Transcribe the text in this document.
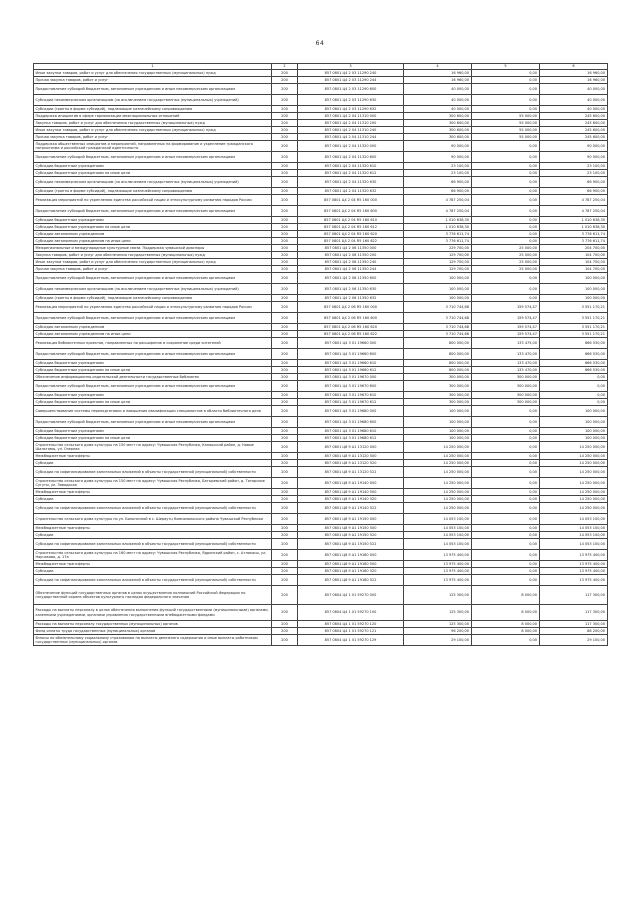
64
1	2	3	4	5	6
Иные закупки товаров, работ и услуг для обеспечения государственных (муниципальных) нужд	200	857 0801 Ц4 2 03 11290 240	16 960,00	0,00	16 960,00
Прочая закупка товаров, работ и услуг	200	857 0801 Ц4 2 03 11290 244	16 960,00	0,00	16 960,00
Предоставление субсидий бюджетным, автономным учреждениям и иным некоммерческим организациям	200	857 0801 Ц4 2 03 11290 600	40 000,00	0,00	40 000,00
Субсидии некоммерческим организациям (за исключением государственных (муниципальных) учреждений)	200	857 0801 Ц4 2 03 11290 630	40 000,00	0,00	40 000,00
Субсидии (гранты в форме субсидий), подлежащие казначейскому сопровождению	200	857 0801 Ц4 2 03 11290 632	40 000,00	0,00	40 000,00
Поддержка инициатив в сфере гармонизации межнациональных отношений	200	857 0801 Ц4 2 04 11310 000	300 600,00	55 000,00	245 600,00
Закупка товаров, работ и услуг для обеспечения государственных (муниципальных) нужд	200	857 0801 Ц4 2 04 11310 200	300 600,00	55 000,00	245 600,00
Иные закупки товаров, работ и услуг для обеспечения государственных (муниципальных) нужд	200	857 0801 Ц4 2 04 11310 240	300 600,00	55 000,00	245 600,00
Прочая закупка товаров, работ и услуг	200	857 0801 Ц4 2 04 11310 244	300 600,00	55 000,00	245 600,00
Поддержка общественных инициатив и мероприятий, направленных на формирование и укрепление гражданского патриотизма и российской гражданской идентичности	200	857 0801 Ц4 2 04 11320 000	90 000,00	0,00	90 000,00
Предоставление субсидий бюджетным, автономным учреждениям и иным некоммерческим организациям	200	857 0801 Ц4 2 04 11320 600	90 000,00	0,00	90 000,00
Субсидии бюджетным учреждениям	200	857 0801 Ц4 2 04 11320 610	23 100,00	0,00	23 100,00
Субсидии бюджетным учреждениям на иные цели	200	857 0801 Ц4 2 04 11320 612	23 100,00	0,00	23 100,00
Субсидии некоммерческим организациям (за исключением государственных (муниципальных) учреждений)	200	857 0801 Ц4 2 04 11320 630	66 900,00	0,00	66 900,00
Субсидии (гранты в форме субсидий), подлежащие казначейскому сопровождению	200	857 0801 Ц4 2 04 11320 632	66 900,00	0,00	66 900,00
Реализация мероприятий по укреплению единства российской нации и этнокультурному развитию народов России	200	857 0801 Ц4 2 04 R5 160 000	4 787 250,04	0,00	4 787 250,04
Предоставление субсидий бюджетным, автономным учреждениям и иным некоммерческим организациям	200	857 0801 Ц4 2 04 R5 160 600	4 787 250,04	0,00	4 787 250,04
Субсидии бюджетным учреждениям	200	857 0801 Ц4 2 04 R5 160 610	1 010 638,30	0,00	1 010 638,30
Субсидии бюджетным учреждениям на иные цели	200	857 0801 Ц4 2 04 R5 160 612	1 010 638,30	0,00	1 010 638,30
Субсидии автономным учреждениям	200	857 0801 Ц4 2 04 R5 160 620	3 776 611,74	0,00	3 776 611,74
Субсидии автономным учреждениям на иные цели	200	857 0801 Ц4 2 04 R5 160 622	3 776 611,74	0,00	3 776 611,74
Межрегиональные и международные культурные связи. Поддержка чувашской диаспоры	200	857 0801 Ц4 2 06 11350 000	229 700,00	25 000,00	204 700,00
Закупка товаров, работ и услуг для обеспечения государственных (муниципальных) нужд	200	857 0801 Ц4 2 06 11350 200	129 700,00	25 000,00	104 700,00
Иные закупки товаров, работ и услуг для обеспечения государственных (муниципальных) нужд	200	857 0801 Ц4 2 06 11350 240	129 700,00	25 000,00	104 700,00
Прочая закупка товаров, работ и услуг	200	857 0801 Ц4 2 06 11350 244	129 700,00	25 000,00	104 700,00
Предоставление субсидий бюджетным, автономным учреждениям и иным некоммерческим организациям	200	857 0801 Ц4 2 06 11350 600	100 000,00	0,00	100 000,00
Субсидии некоммерческим организациям (за исключением государственных (муниципальных) учреждений)	200	857 0801 Ц4 2 06 11350 630	100 000,00	0,00	100 000,00
Субсидии (гранты в форме субсидий), подлежащие казначейскому сопровождению	200	857 0801 Ц4 2 06 11350 632	100 000,00	0,00	100 000,00
Реализация мероприятий по укреплению единства российской нации и этнокультурному развитию народов России	200	857 0801 Ц4 2 06 R5 160 000	3 710 744,68	159 574,47	3 551 170,21
Предоставление субсидий бюджетным, автономным учреждениям и иным некоммерческим организациям	200	857 0801 Ц4 2 06 R5 160 600	3 710 744,68	159 574,47	3 551 170,21
Субсидии автономным учреждениям	200	857 0801 Ц4 2 06 R5 160 620	3 710 744,68	159 574,47	3 551 170,21
Субсидии автономным учреждениям на иные цели	200	857 0801 Ц4 2 06 R5 160 622	3 710 744,68	159 574,47	3 551 170,21
Реализация библиотечных проектов, направленных на расширение и сохранение среди читателей	200	857 0801 Ц4 3 01 19660 000	800 000,00	133 475,00	666 530,00
Предоставление субсидий бюджетным, автономным учреждениям и иным некоммерческим организациям	200	857 0801 Ц4 3 01 19660 600	800 000,00	133 470,00	666 530,00
Субсидии бюджетным учреждениям	200	857 0801 Ц4 3 01 19660 610	800 000,00	133 470,00	666 530,00
Субсидии бюджетным учреждениям на иные цели	200	857 0801 Ц4 3 01 19660 612	800 000,00	133 470,00	666 530,00
Обеспечение информационно-издательской деятельности государственных библиотек	200	857 0801 Ц4 3 01 19670 000	300 000,00	300 000,00	0,00
Предоставление субсидий бюджетным, автономным учреждениям и иным некоммерческим организациям	200	857 0801 Ц4 3 01 19670 600	300 000,00	300 000,00	0,00
Субсидии бюджетным учреждениям	200	857 0801 Ц4 3 01 19670 610	300 000,00	300 000,00	0,00
Субсидии бюджетным учреждениям на иные цели	200	857 0801 Ц4 3 01 19670 612	300 000,00	300 000,00	0,00
Совершенствование системы переподготовки и повышения квалификации специалистов в области библиотечного дела	200	857 0801 Ц4 3 01 19680 000	100 000,00	0,00	100 000,00
Предоставление субсидий бюджетным, автономным учреждениям и иным некоммерческим организациям	200	857 0801 Ц4 3 01 19680 600	100 000,00	0,00	100 000,00
Субсидии бюджетным учреждениям	200	857 0801 Ц4 3 01 19680 610	100 000,00	0,00	100 000,00
Субсидии бюджетным учреждениям на иные цели	200	857 0801 Ц4 3 01 19680 612	100 000,00	0,00	100 000,00
Строительство сельского дома культуры на 150 мест по адресу: Чувашская Республика, Канашский район, д. Новые Шальтямы, ул. Озерная	200	857 0801 Ц8 9 А1 13120 000	14 250 000,00	0,00	14 250 000,00
Межбюджетные трансферты	200	857 0801 Ц8 9 А1 13120 500	14 250 000,00	0,00	14 250 000,00
Субсидии	200	857 0801 Ц8 9 А1 13120 520	14 250 000,00	0,00	14 250 000,00
Субсидии на софинансирование капитальных вложений в объекты государственной (муниципальной) собственности	200	857 0801 Ц8 9 А1 13120 522	14 250 000,00	0,00	14 250 000,00
Строительство сельского дома культуры на 150 мест по адресу: Чувашская Республика, Батыревский район, д. Татарские Сугуты, ул. Заводская	200	857 0801 Ц8 9 А1 19140 000	14 250 000,00	0,00	14 250 000,00
Межбюджетные трансферты	200	857 0801 Ц8 9 А1 19140 500	14 250 000,00	0,00	14 250 000,00
Субсидии	200	857 0801 Ц8 9 А1 19140 520	14 250 000,00	0,00	14 250 000,00
Субсидии на софинансирование капитальных вложений в объекты государственной (муниципальной) собственности	200	857 0801 Ц8 9 А1 19140 522	14 250 000,00	0,00	14 250 000,00
Строительство сельского дома культуры по ул. Бильничной в с. Шераутц Комсомольского района Чувашской Республики	200	857 0801 Ц8 9 А1 19150 000	14 053 100,00	0,00	14 053 100,00
Межбюджетные трансферты	200	857 0801 Ц8 9 А1 19150 500	14 053 100,00	0,00	14 053 100,00
Субсидии	200	857 0801 Ц8 9 А1 19150 520	14 053 100,00	0,00	14 053 100,00
Субсидии на софинансирование капитальных вложений в объекты государственной (муниципальной) собственности	200	857 0801 Ц8 9 А1 19150 522	14 053 100,00	0,00	14 053 100,00
Строительство сельского дома культуры на 160 мест по адресу: Чувашская Республика, Ядринский район, с. Атликасы, ул. Нарчакова, д. 17а	200	857 0801 Ц8 9 А1 19180 000	13 975 400,00	0,00	13 975 400,00
Межбюджетные трансферты	200	857 0801 Ц8 9 А1 19180 500	13 975 400,00	0,00	13 975 400,00
Субсидии	200	857 0801 Ц8 9 А1 19180 520	13 975 400,00	0,00	13 975 400,00
Субсидии на софинансирование капитальных вложений в объекты государственной (муниципальной) собственности	200	857 0801 Ц8 9 А1 19180 522	13 975 400,00	0,00	13 975 400,00
Обеспечение функций государственных органов в целях осуществления полномочий Российской Федерации по государственной охране объектов культурного наследия федерального значения	200	857 0804 Ц4 1 01 59270 000	125 300,00	8 000,00	117 300,00
Расходы на выплаты персоналу в целях обеспечения выполнения функций государственными (муниципальными) органами, казенными учреждениями, органами управления государственными внебюджетными фондами	200	857 0804 Ц4 1 01 59270 100	125 300,00	8 000,00	117 300,00
Расходы на выплаты персоналу государственных (муниципальных) органов	200	857 0804 Ц4 1 01 59270 120	125 300,00	8 000,00	117 300,00
Фонд оплаты труда государственных (муниципальных) органов	200	857 0804 Ц4 1 01 59270 121	96 200,00	8 000,00	88 200,00
Взносы по обязательному социальному страхованию на выплаты денежного содержания и иные выплаты работникам государственных (муниципальных) органов	200	857 0804 Ц4 1 01 59270 129	29 100,00	0,00	29 100,00
